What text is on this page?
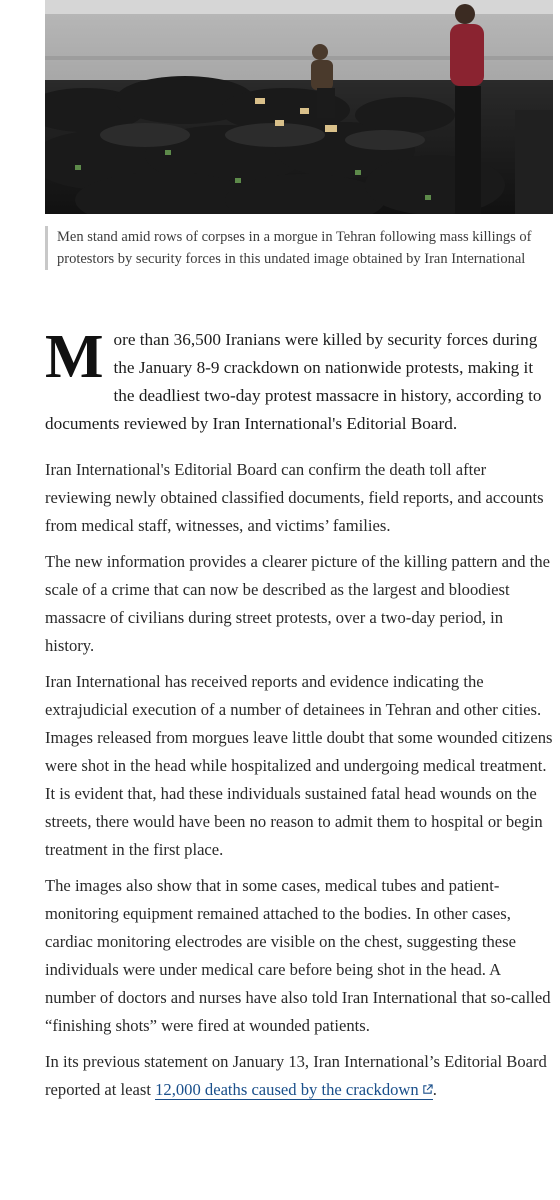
Men stand amid rows of corpses in a morgue in Tehran following mass killings of protestors by security forces in this undated image obtained by Iran International

More than 36,500 Iranians were killed by security forces during the January 8-9 crackdown on nationwide protests, making it the deadliest two-day protest massacre in history, according to documents reviewed by Iran International's Editorial Board.

Iran International's Editorial Board can confirm the death toll after reviewing newly obtained classified documents, field reports, and accounts from medical staff, witnesses, and victims’ families.

The new information provides a clearer picture of the killing pattern and the scale of a crime that can now be described as the largest and bloodiest massacre of civilians during street protests, over a two-day period, in history.

Iran International has received reports and evidence indicating the extrajudicial execution of a number of detainees in Tehran and other cities. Images released from morgues leave little doubt that some wounded citizens were shot in the head while hospitalized and undergoing medical treatment. It is evident that, had these individuals sustained fatal head wounds on the streets, there would have been no reason to admit them to hospital or begin treatment in the first place.

The images also show that in some cases, medical tubes and patient-monitoring equipment remained attached to the bodies. In other cases, cardiac monitoring electrodes are visible on the chest, suggesting these individuals were under medical care before being shot in the head. A number of doctors and nurses have also told Iran International that so-called “finishing shots” were fired at wounded patients.

In its previous statement on January 13, Iran International’s Editorial Board reported at least 12,000 deaths caused by the crackdown .
